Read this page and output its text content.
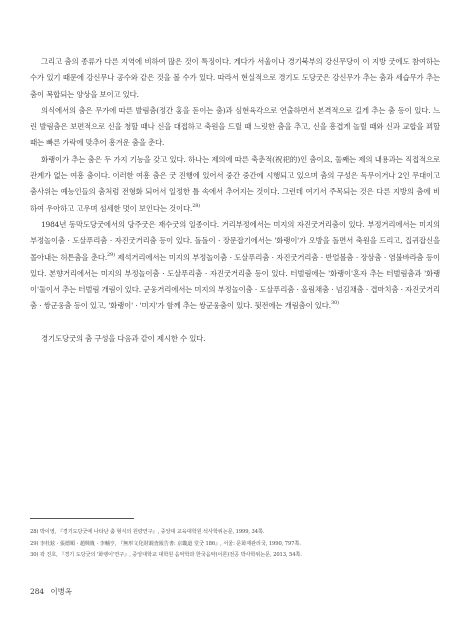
그리고 춤의 종류가 다른 지역에 비하여 많은 것이 특징이다. 게다가 서울이나 경기북부의 강신무당이 이 지방 굿에도 참여하는 수가 있기 때문에 강신무나 공수와 같은 것을 볼 수가 있다. 따라서 현실적으로 경기도 도당굿은 강신무가 추는 춤과 세습무가 추는 춤이 복합되는 양상을 보이고 있다.

의식에서의 춤은 무가에 따른 발림춤(정간 홍을 돋이는 춤)과 심현육각으로 연출하면서 본격적으로 길게 추는 춤 등이 있다. 느린 발림춤은 보편적으로 신을 청할 때나 신을 대접하고 축원을 드릴 때 느릿한 춤을 추고, 신을 흥겹게 놀릴 때와 신과 교합을 꾀할 때는 빠른 가락에 맞추어 흥겨운 춤을 춘다.

화랭이가 추는 춤은 두 가지 기능을 갖고 있다. 하나는 제의에 따른 축춘적(祝祀的)인 춤이요, 둘째는 제의 내용과는 직접적으로 관계가 없는 여흥 춤이다. 이러한 여흥 춤은 굿 진행에 있어서 중간 중간에 시행되고 있으며 춤의 구성은 독무이거나 2인 무대이고 춤사위는 예능인들의 춤처럼 전형화 되어서 일정한 틀 속에서 추어지는 것이다. 그런데 여기서 주목되는 것은 다른 지방의 춤에 비하여 우아하고 고우며 섬세한 멋이 보인다는 것이다.$^{28)}$

1984년 동막도당굿에서의 당주굿은 재수굿의 일종이다. 거리부정에서는 미지의 자진굿거리춤이 있다. 부정거리에서는 미지의 부정놀이춤 · 도살푸리춤 · 자진굿거리춤 등이 있다. 돌돌이 · 장문잡기에서는 '화랭이'가 오방을 돌면서 축원을 드리고, 집귀잡신을 몰아내는 허튼춤을 춘다.$^{29)}$ 제석거리에서는 미지의 부정놀이춤 · 도살푸리춤 · 자진굿거리춤 · 반얼볼춤 · 장삼춤 · 염불바라춤 등이 있다. 본향거리에서는 미지의 부정놀이춤 · 도살푸리춤 · 자진굿거리춤 등이 있다. 터벌림에는 '화랭이'혼자 추는 터벌림춤과 '화랭이'둘이서 추는 터벌림 개림이 있다. 군웅거리에서는 미지의 부정놀이춤 · 도살푸리춤 · 올림채춤 · 넘김채춤 · 겹마치춤 · 자진굿거리춤 · 쌍군웅춤 등이 있고, '화랭이' · '미지'가 함께 추는 쌍군웅춤이 있다. 뒷전에는 개림춤이 있다.$^{30)}$

경기도당굿의 춤 구성을 다음과 같이 제시한 수 있다.

28) 박이영, 『경기도당굿에 나타난 춤 형식의 원량연구』, 중앙대 교육대학원 석사학위논문, 1999, 34쪽.
29) 李杜鉉 · 張德順 · 趙興胤 · 李輔亨, 『無形文化財調査報告書: 京畿道 堂굿 186』, 서울: 문화재관리국, 1990, 797쪽.
30) 곽 진호, 『경기 도당굿의 '화랭이'연구』, 중앙대학교 대학원 음악학과 한국음악(이론)전공 박사학위논문, 2013, 54쪽.
284 이병옥
